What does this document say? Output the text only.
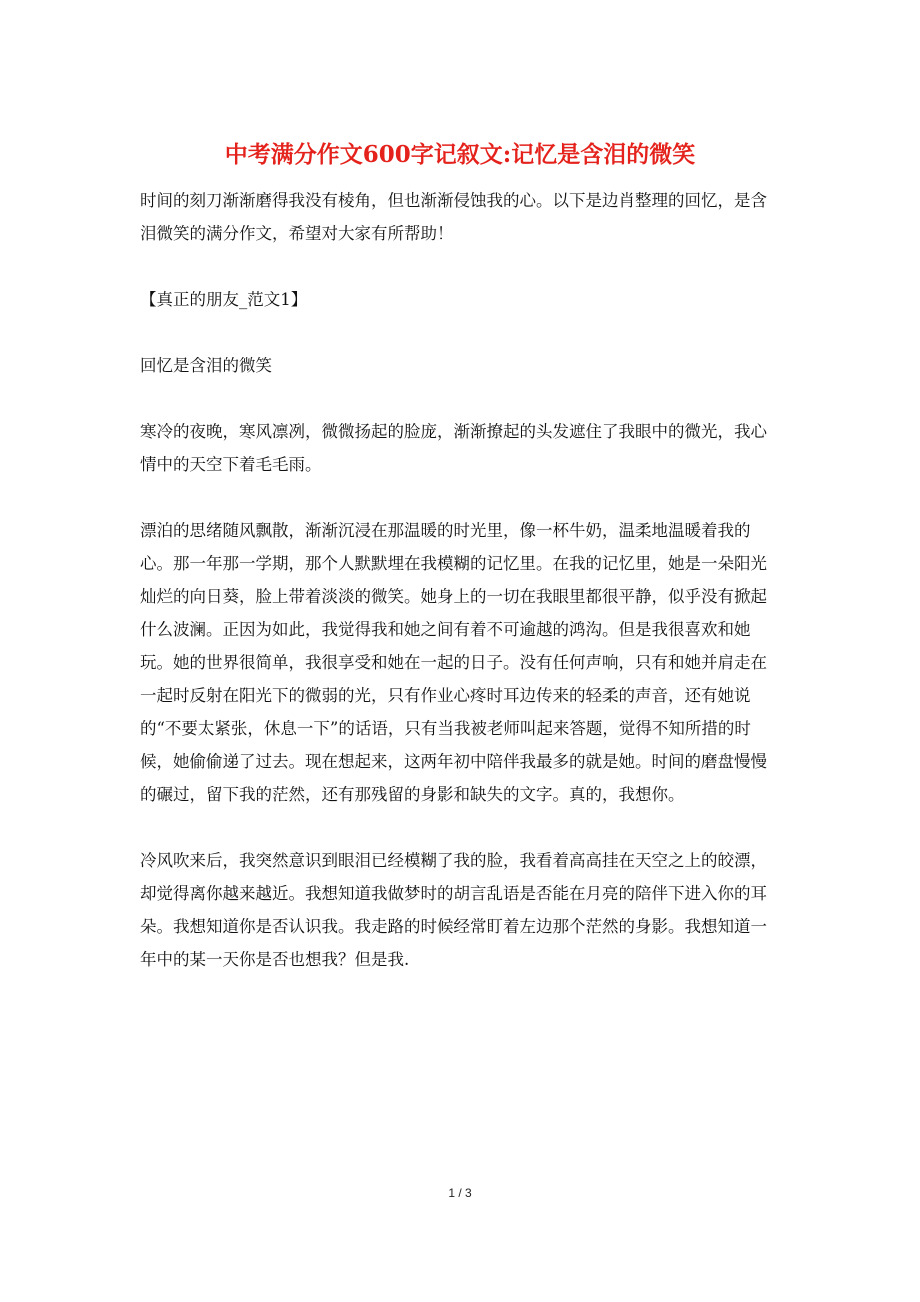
中考满分作文600字记叙文:记忆是含泪的微笑

时间的刻刀渐渐磨得我没有棱角，但也渐渐侵蚀我的心。以下是边肖整理的回忆，是含泪微笑的满分作文，希望对大家有所帮助！

【真正的朋友_范文1】

回忆是含泪的微笑

寒冷的夜晚，寒风凛冽，微微扬起的脸庞，渐渐撩起的头发遮住了我眼中的微光，我心情中的天空下着毛毛雨。

漂泊的思绪随风飘散，渐渐沉浸在那温暖的时光里，像一杯牛奶，温柔地温暖着我的心。那一年那一学期，那个人默默埋在我模糊的记忆里。在我的记忆里，她是一朵阳光灿烂的向日葵，脸上带着淡淡的微笑。她身上的一切在我眼里都很平静，似乎没有掀起什么波澜。正因为如此，我觉得我和她之间有着不可逾越的鸿沟。但是我很喜欢和她玩。她的世界很简单，我很享受和她在一起的日子。没有任何声响，只有和她并肩走在一起时反射在阳光下的微弱的光，只有作业心疼时耳边传来的轻柔的声音，还有她说的“不要太紧张，休息一下”的话语，只有当我被老师叫起来答题，觉得不知所措的时候，她偷偷递了过去。现在想起来，这两年初中陪伴我最多的就是她。时间的磨盘慢慢的碾过，留下我的茫然，还有那残留的身影和缺失的文字。真的，我想你。

冷风吹来后，我突然意识到眼泪已经模糊了我的脸，我看着高高挂在天空之上的皎漂，却觉得离你越来越近。我想知道我做梦时的胡言乱语是否能在月亮的陪伴下进入你的耳朵。我想知道你是否认识我。我走路的时候经常盯着左边那个茫然的身影。我想知道一年中的某一天你是否也想我？但是我.

1 / 3
